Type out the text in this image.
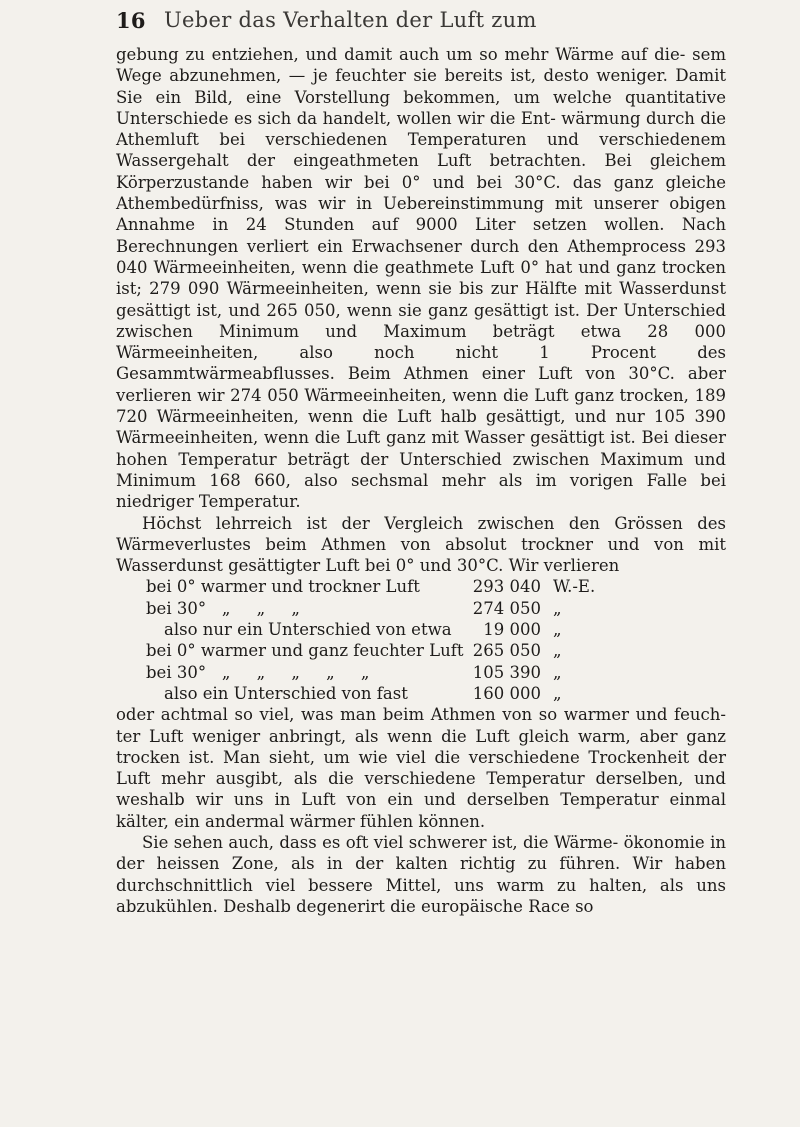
16 Ueber das Verhalten der Luft zum

gebung zu entziehen, und damit auch um so mehr Wärme auf die- sem Wege abzunehmen, — je feuchter sie bereits ist, desto weniger. Damit Sie ein Bild, eine Vorstellung bekommen, um welche quantitative Unterschiede es sich da handelt, wollen wir die Ent- wärmung durch die Athemluft bei verschiedenen Temperaturen und verschiedenem Wassergehalt der eingeathmeten Luft betrachten. Bei gleichem Körperzustande haben wir bei 0° und bei 30°C. das ganz gleiche Athembedürfniss, was wir in Uebereinstimmung mit unserer obigen Annahme in 24 Stunden auf 9000 Liter setzen wollen. Nach Berechnungen verliert ein Erwachsener durch den Athemprocess 293 040 Wärmeeinheiten, wenn die geathmete Luft 0° hat und ganz trocken ist; 279 090 Wärmeeinheiten, wenn sie bis zur Hälfte mit Wasserdunst gesättigt ist, und 265 050, wenn sie ganz gesättigt ist. Der Unterschied zwischen Minimum und Maximum beträgt etwa 28 000 Wärmeeinheiten, also noch nicht 1 Procent des Gesammtwärmeabflusses. Beim Athmen einer Luft von 30°C. aber verlieren wir 274 050 Wärmeeinheiten, wenn die Luft ganz trocken, 189 720 Wärmeeinheiten, wenn die Luft halb gesättigt, und nur 105 390 Wärmeeinheiten, wenn die Luft ganz mit Wasser gesättigt ist. Bei dieser hohen Temperatur beträgt der Unterschied zwischen Maximum und Minimum 168 660, also sechsmal mehr als im vorigen Falle bei niedriger Temperatur.

Höchst lehrreich ist der Vergleich zwischen den Grössen des Wärmeverlustes beim Athmen von absolut trockner und von mit Wasserdunst gesättigter Luft bei 0° und 30°C. Wir verlieren

bei 0° warmer und trockner Luft	293 040 W.-E.
bei 30°   „     „     „	274 050 „
also nur ein Unterschied von etwa	19 000 „
bei 0° warmer und ganz feuchter Luft 265 050 „
bei 30°   „     „     „     „     „	105 390 „
also ein Unterschied von fast	160 000 „

oder achtmal so viel, was man beim Athmen von so warmer und feuch- ter Luft weniger anbringt, als wenn die Luft gleich warm, aber ganz trocken ist. Man sieht, um wie viel die verschiedene Trockenheit der Luft mehr ausgibt, als die verschiedene Temperatur derselben, und weshalb wir uns in Luft von ein und derselben Temperatur einmal kälter, ein andermal wärmer fühlen können.

Sie sehen auch, dass es oft viel schwerer ist, die Wärme- ökonomie in der heissen Zone, als in der kalten richtig zu führen. Wir haben durchschnittlich viel bessere Mittel, uns warm zu halten, als uns abzukühlen. Deshalb degenerirt die europäische Race so
